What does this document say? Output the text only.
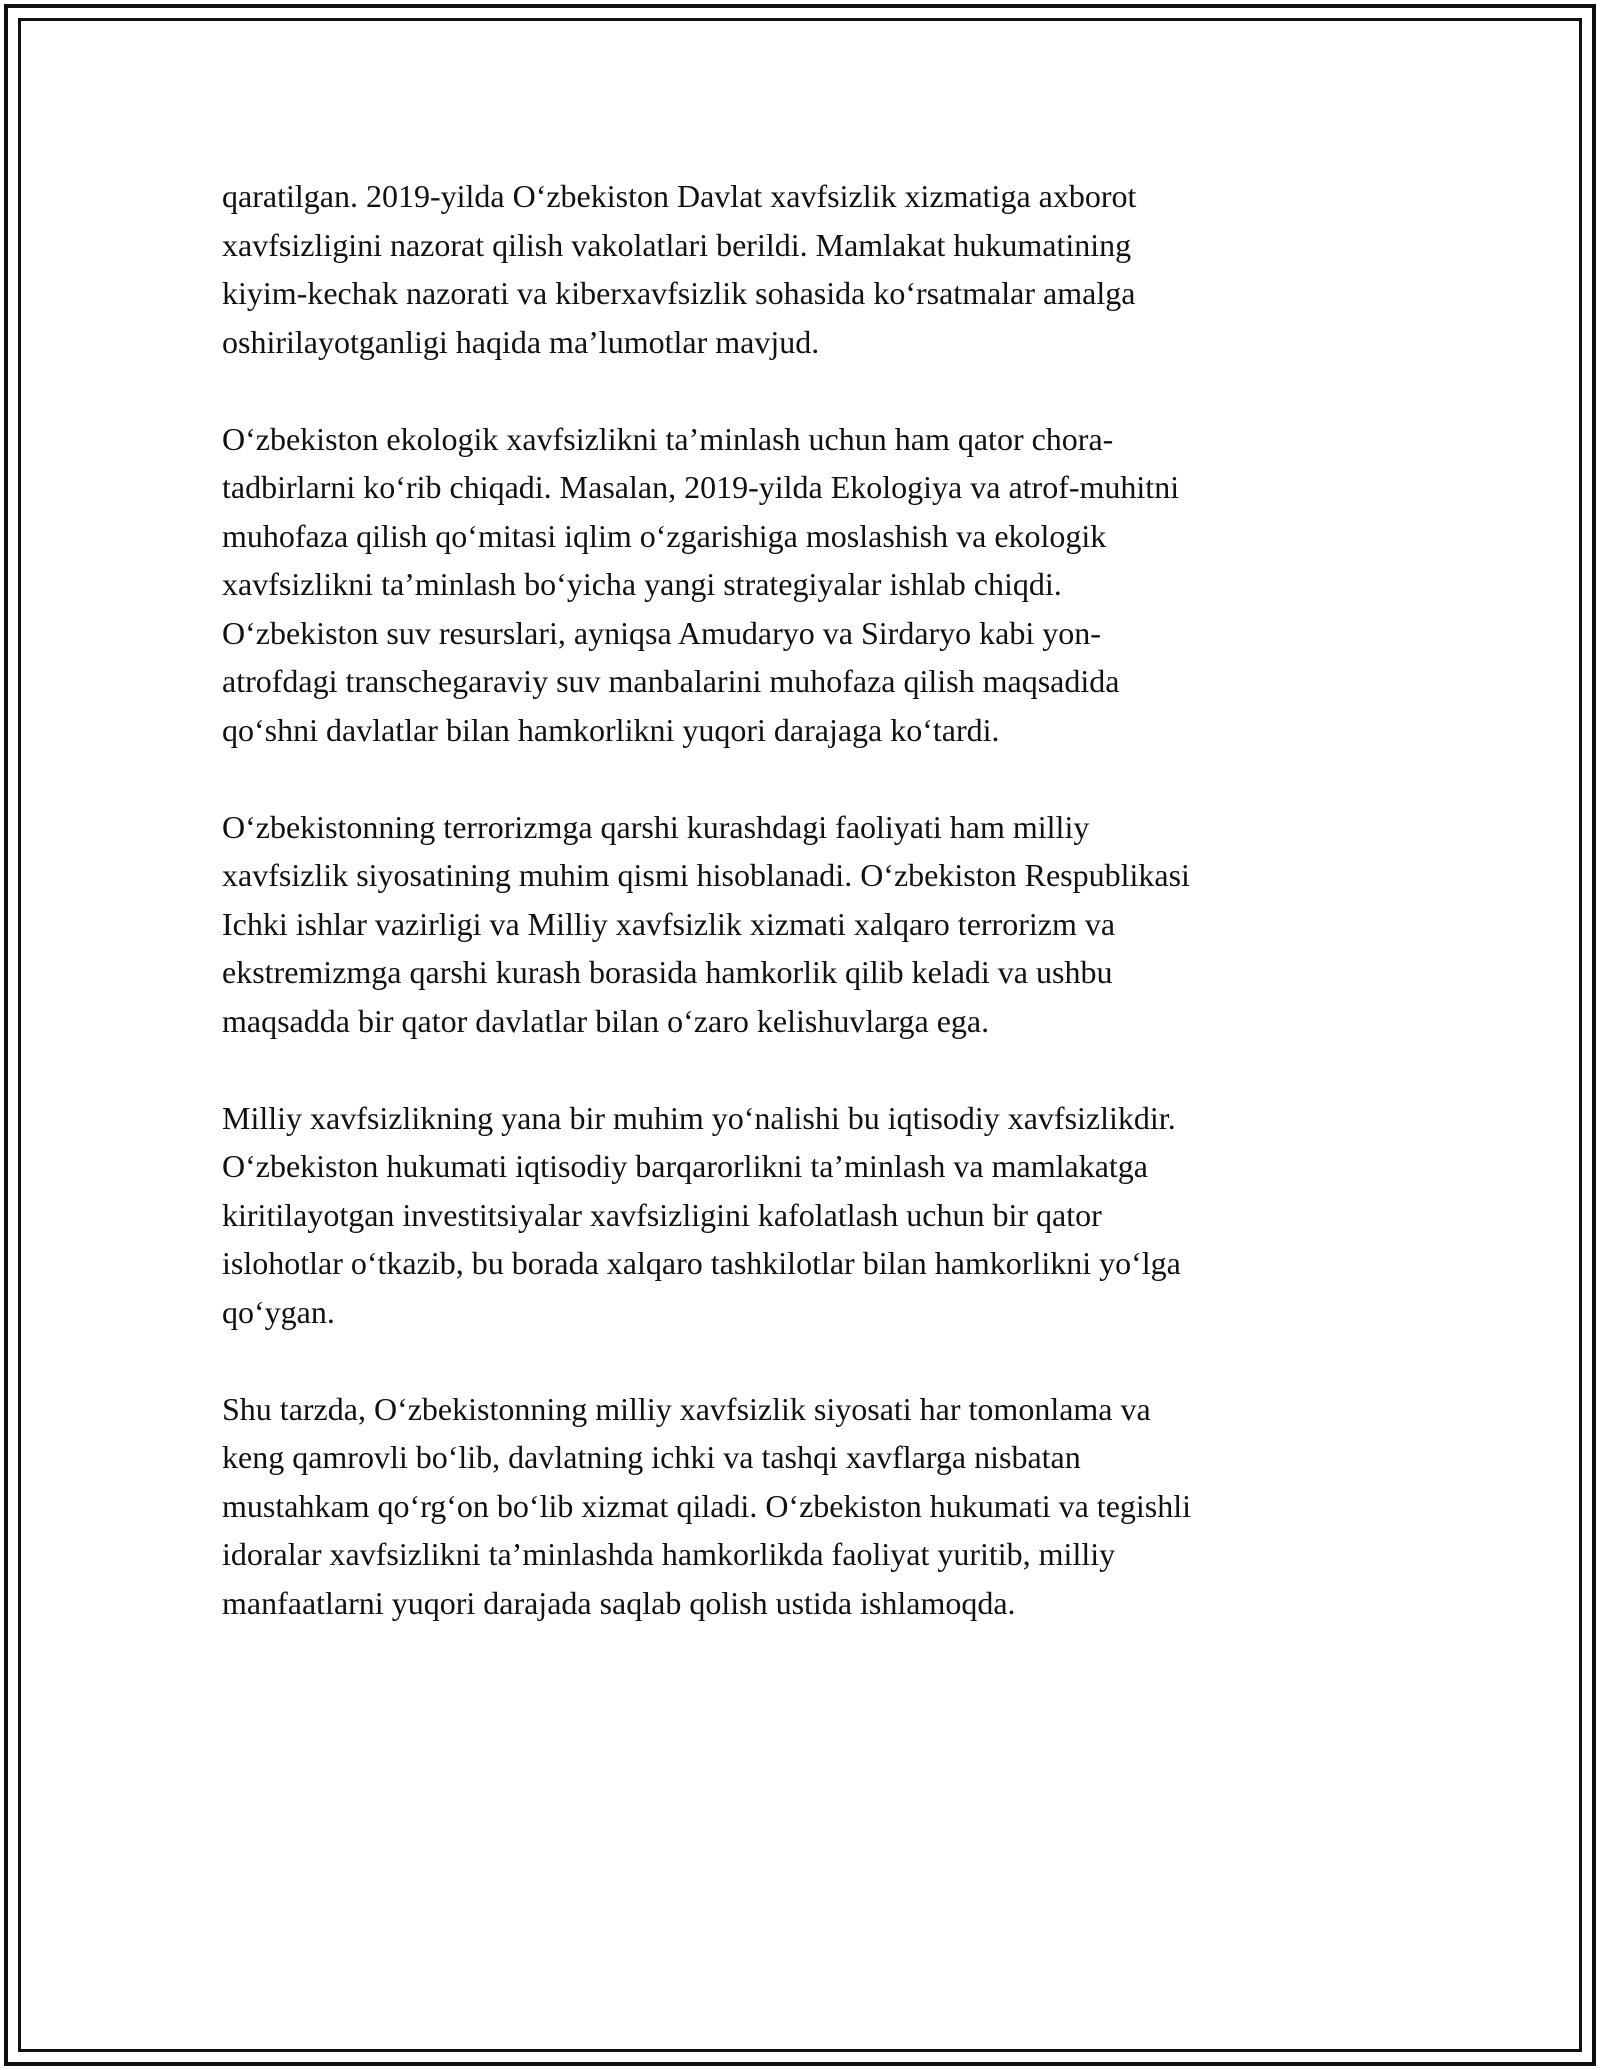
qaratilgan. 2019-yilda O‘zbekiston Davlat xavfsizlik xizmatiga axborot
xavfsizligini nazorat qilish vakolatlari berildi. Mamlakat hukumatining
kiyim-kechak nazorati va kiberxavfsizlik sohasida ko‘rsatmalar amalga
oshirilayotganligi haqida ma’lumotlar mavjud.
O‘zbekiston ekologik xavfsizlikni ta’minlash uchun ham qator chora-
tadbirlarni ko‘rib chiqadi. Masalan, 2019-yilda Ekologiya va atrof-muhitni
muhofaza qilish qo‘mitasi iqlim o‘zgarishiga moslashish va ekologik
xavfsizlikni ta’minlash bo‘yicha yangi strategiyalar ishlab chiqdi.
O‘zbekiston suv resurslari, ayniqsa Amudaryo va Sirdaryo kabi yon-
atrofdagi transchegaraviy suv manbalarini muhofaza qilish maqsadida
qo‘shni davlatlar bilan hamkorlikni yuqori darajaga ko‘tardi.
O‘zbekistonning terrorizmga qarshi kurashdagi faoliyati ham milliy
xavfsizlik siyosatining muhim qismi hisoblanadi. O‘zbekiston Respublikasi
Ichki ishlar vazirligi va Milliy xavfsizlik xizmati xalqaro terrorizm va
ekstremizmga qarshi kurash borasida hamkorlik qilib keladi va ushbu
maqsadda bir qator davlatlar bilan o‘zaro kelishuvlarga ega.
Milliy xavfsizlikning yana bir muhim yo‘nalishi bu iqtisodiy xavfsizlikdir.
O‘zbekiston hukumati iqtisodiy barqarorlikni ta’minlash va mamlakatga
kiritilayotgan investitsiyalar xavfsizligini kafolatlash uchun bir qator
islohotlar o‘tkazib, bu borada xalqaro tashkilotlar bilan hamkorlikni yo‘lga
qo‘ygan.
Shu tarzda, O‘zbekistonning milliy xavfsizlik siyosati har tomonlama va
keng qamrovli bo‘lib, davlatning ichki va tashqi xavflarga nisbatan
mustahkam qo‘rg‘on bo‘lib xizmat qiladi. O‘zbekiston hukumati va tegishli
idoralar xavfsizlikni ta’minlashda hamkorlikda faoliyat yuritib, milliy
manfaatlarni yuqori darajada saqlab qolish ustida ishlamoqda.
